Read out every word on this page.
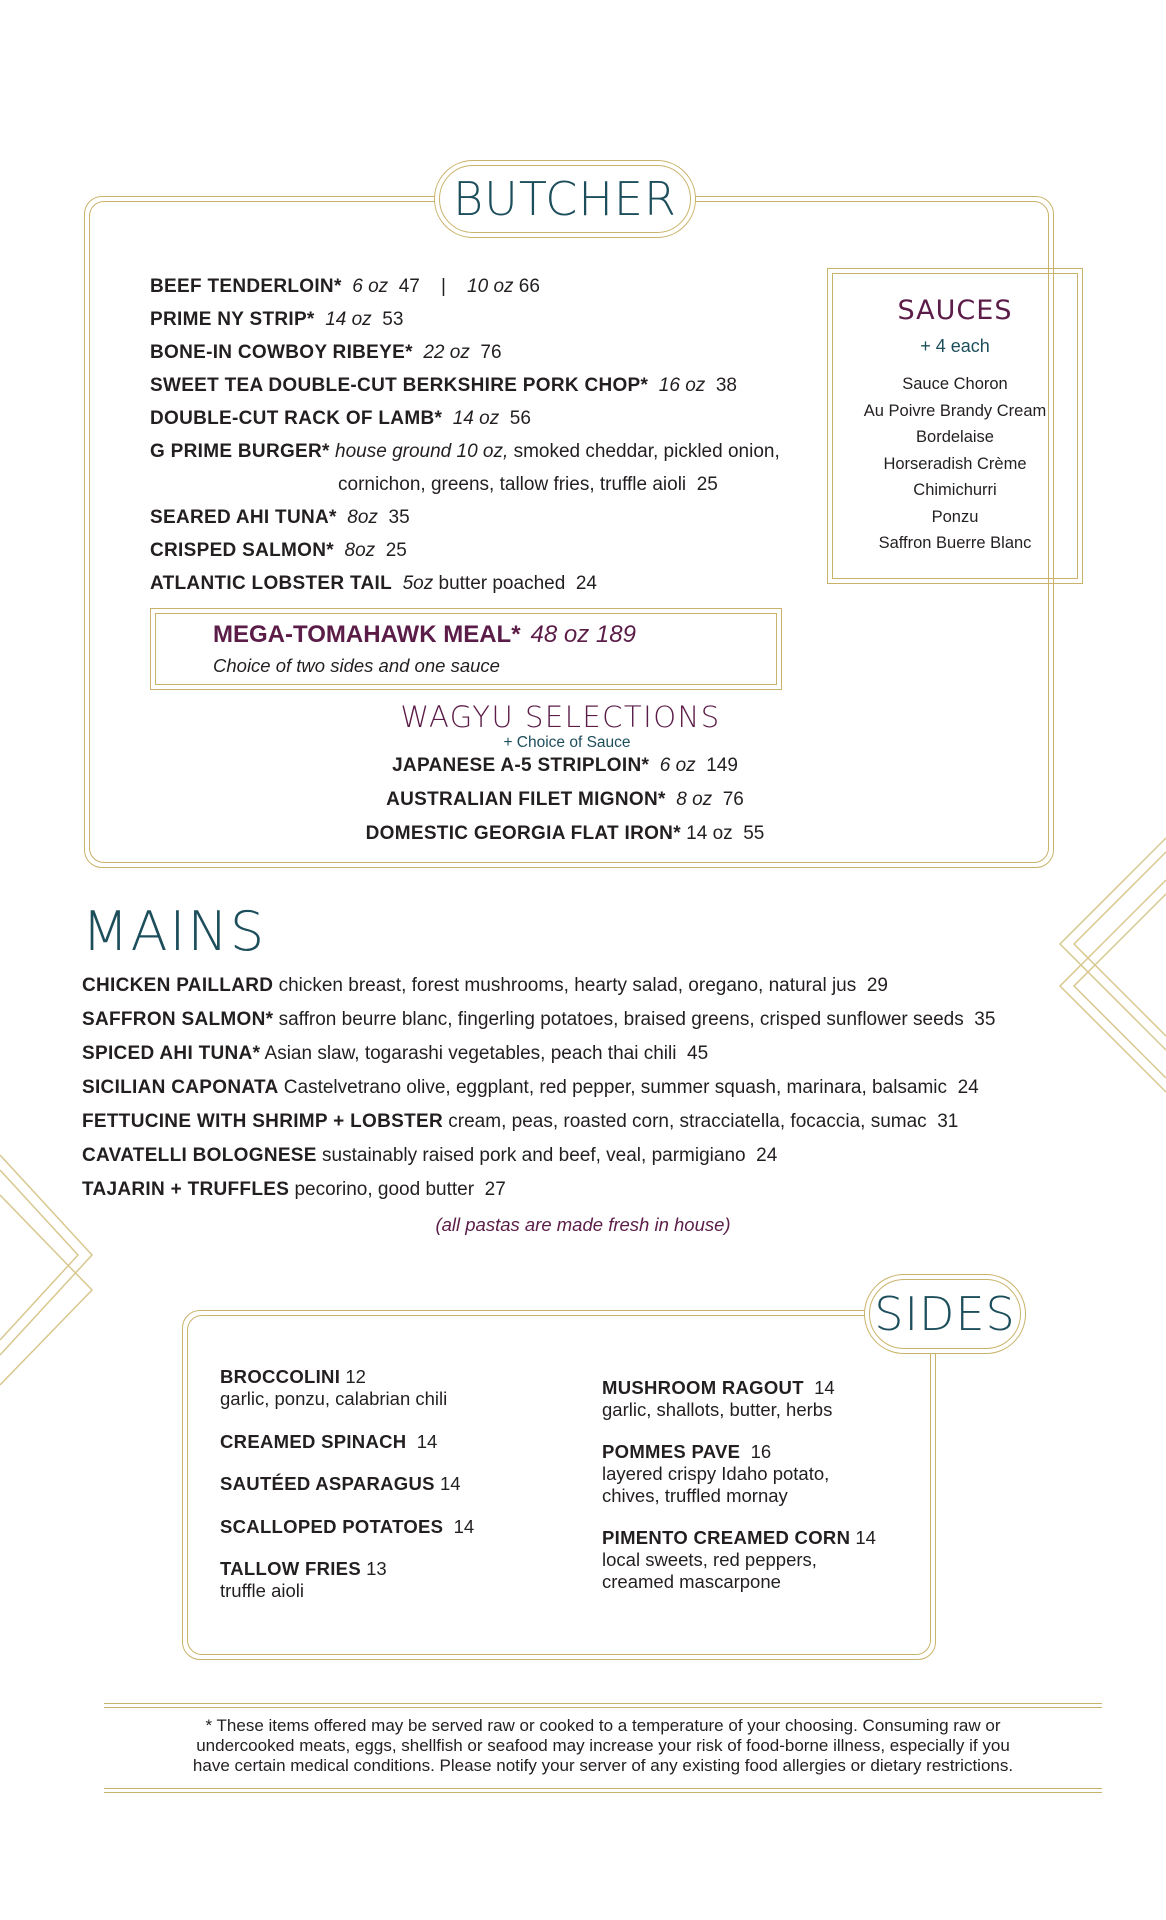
BUTCHER
BEEF TENDERLOIN* 6 oz 47 | 10 oz 66
PRIME NY STRIP* 14 oz 53
BONE-IN COWBOY RIBEYE* 22 oz 76
SWEET TEA DOUBLE-CUT BERKSHIRE PORK CHOP* 16 oz 38
DOUBLE-CUT RACK OF LAMB* 14 oz 56
G PRIME BURGER* house ground 10 oz, smoked cheddar, pickled onion,
cornichon, greens, tallow fries, truffle aioli 25
SEARED AHI TUNA* 8oz 35
CRISPED SALMON* 8oz 25
ATLANTIC LOBSTER TAIL 5oz butter poached 24
SAUCES
+ 4 each
Sauce Choron
Au Poivre Brandy Cream
Bordelaise
Horseradish Crème
Chimichurri
Ponzu
Saffron Buerre Blanc
MEGA-TOMAHAWK MEAL* 48 oz 189
Choice of two sides and one sauce
WAGYU SELECTIONS
+ Choice of Sauce
JAPANESE A-5 STRIPLOIN* 6 oz 149
AUSTRALIAN FILET MIGNON* 8 oz 76
DOMESTIC GEORGIA FLAT IRON* 14 oz 55
MAINS
CHICKEN PAILLARD chicken breast, forest mushrooms, hearty salad, oregano, natural jus 29
SAFFRON SALMON* saffron beurre blanc, fingerling potatoes, braised greens, crisped sunflower seeds 35
SPICED AHI TUNA* Asian slaw, togarashi vegetables, peach thai chili 45
SICILIAN CAPONATA Castelvetrano olive, eggplant, red pepper, summer squash, marinara, balsamic 24
FETTUCINE WITH SHRIMP + LOBSTER cream, peas, roasted corn, stracciatella, focaccia, sumac 31
CAVATELLI BOLOGNESE sustainably raised pork and beef, veal, parmigiano 24
TAJARIN + TRUFFLES pecorino, good butter 27
(all pastas are made fresh in house)
SIDES
BROCCOLINI 12
garlic, ponzu, calabrian chili
CREAMED SPINACH 14
SAUTÉED ASPARAGUS 14
SCALLOPED POTATOES 14
TALLOW FRIES 13
truffle aioli
MUSHROOM RAGOUT 14
garlic, shallots, butter, herbs
POMMES PAVE 16
layered crispy Idaho potato,
chives, truffled mornay
PIMENTO CREAMED CORN 14
local sweets, red peppers,
creamed mascarpone
* These items offered may be served raw or cooked to a temperature of your choosing. Consuming raw or
undercooked meats, eggs, shellfish or seafood may increase your risk of food-borne illness, especially if you
have certain medical conditions. Please notify your server of any existing food allergies or dietary restrictions.
